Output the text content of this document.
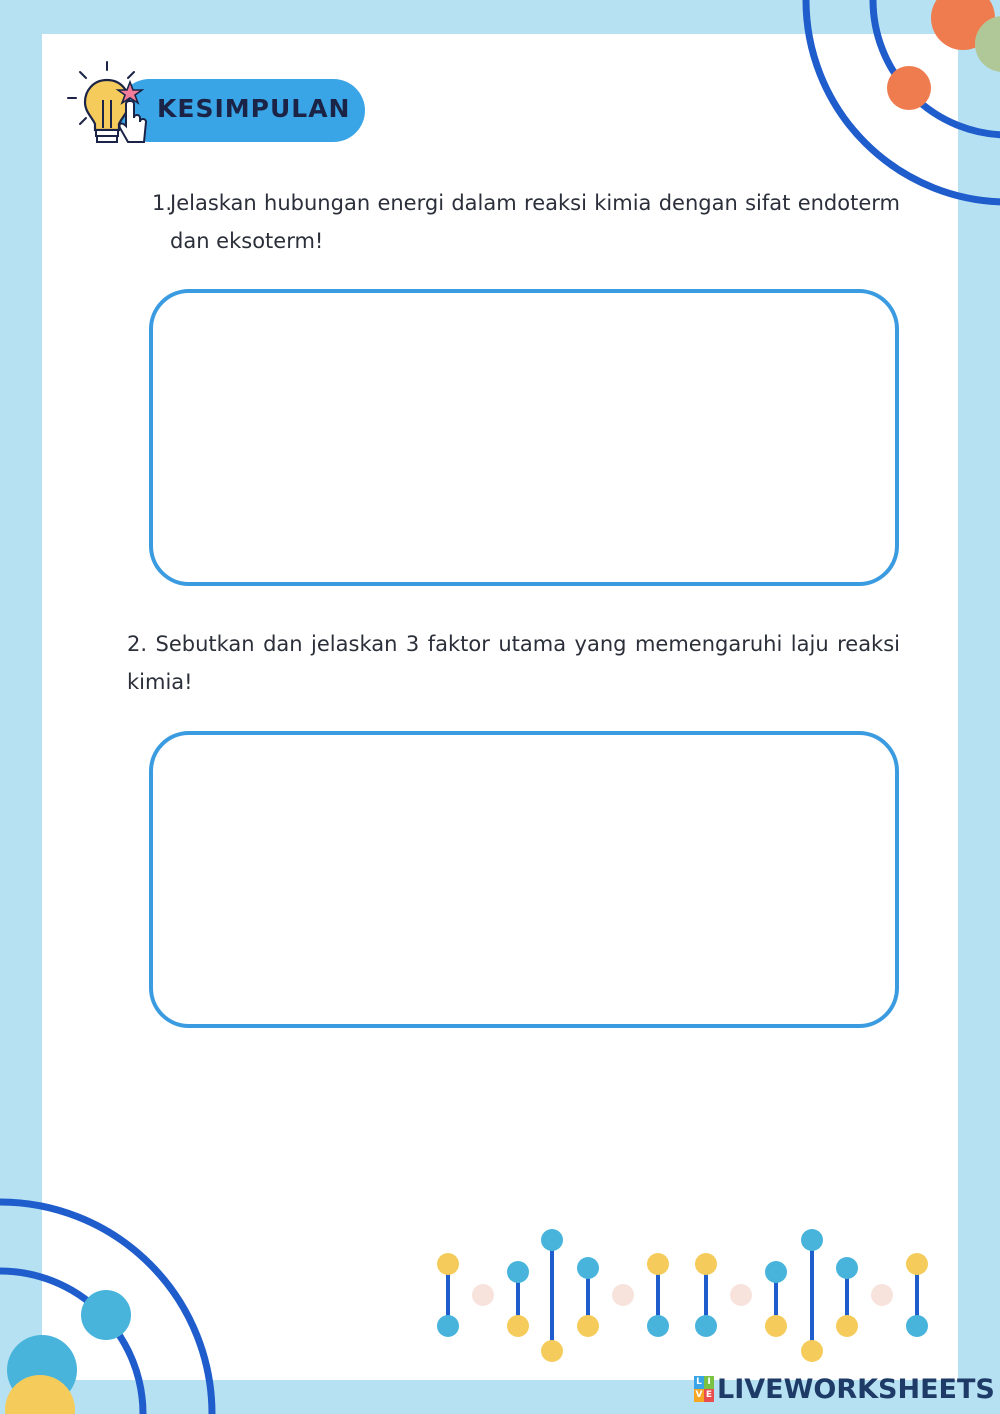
KESIMPULAN
1.
Jelaskan hubungan energi dalam reaksi kimia dengan sifat endoterm dan eksoterm!
2. Sebutkan dan jelaskan 3 faktor utama yang memengaruhi laju reaksi kimia!
L I
V E LIVEWORKSHEETS
